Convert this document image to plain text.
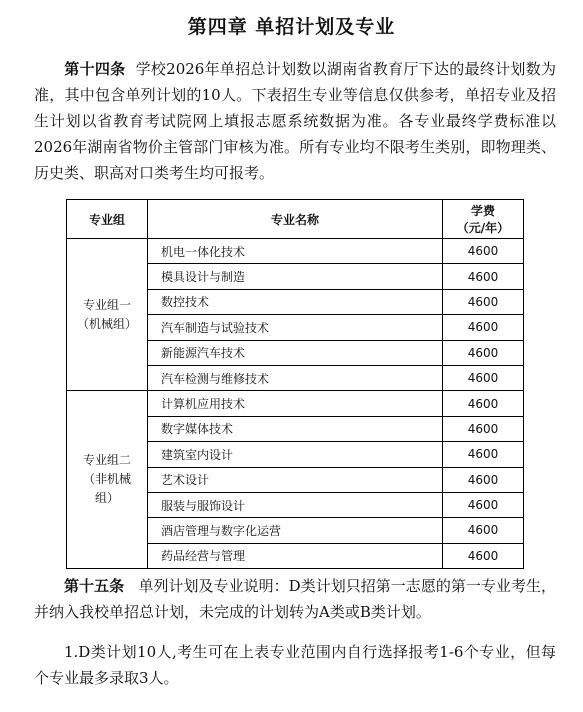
第四章 单招计划及专业

第十四条 学校2026年单招总计划数以湖南省教育厅下达的最终计划数为准，其中包含单列计划的10人。下表招生专业等信息仅供参考，单招专业及招生计划以省教育考试院网上填报志愿系统数据为准。各专业最终学费标准以2026年湖南省物价主管部门审核为准。所有专业均不限考生类别，即物理类、历史类、职高对口类考生均可报考。

专业组	专业名称	学费
（元/年）
专业组一
（机械组）	机电一体化技术	4600
	模具设计与制造	4600
	数控技术	4600
	汽车制造与试验技术	4600
	新能源汽车技术	4600
	汽车检测与维修技术	4600
专业组二
（非机械
组）	计算机应用技术	4600
	数字媒体技术	4600
	建筑室内设计	4600
	艺术设计	4600
	服装与服饰设计	4600
	酒店管理与数字化运营	4600
	药品经营与管理	4600

第十五条 单列计划及专业说明：D类计划只招第一志愿的第一专业考生，并纳入我校单招总计划，未完成的计划转为A类或B类计划。

1.D类计划10人,考生可在上表专业范围内自行选择报考1-6个专业，但每个专业最多录取3人。
